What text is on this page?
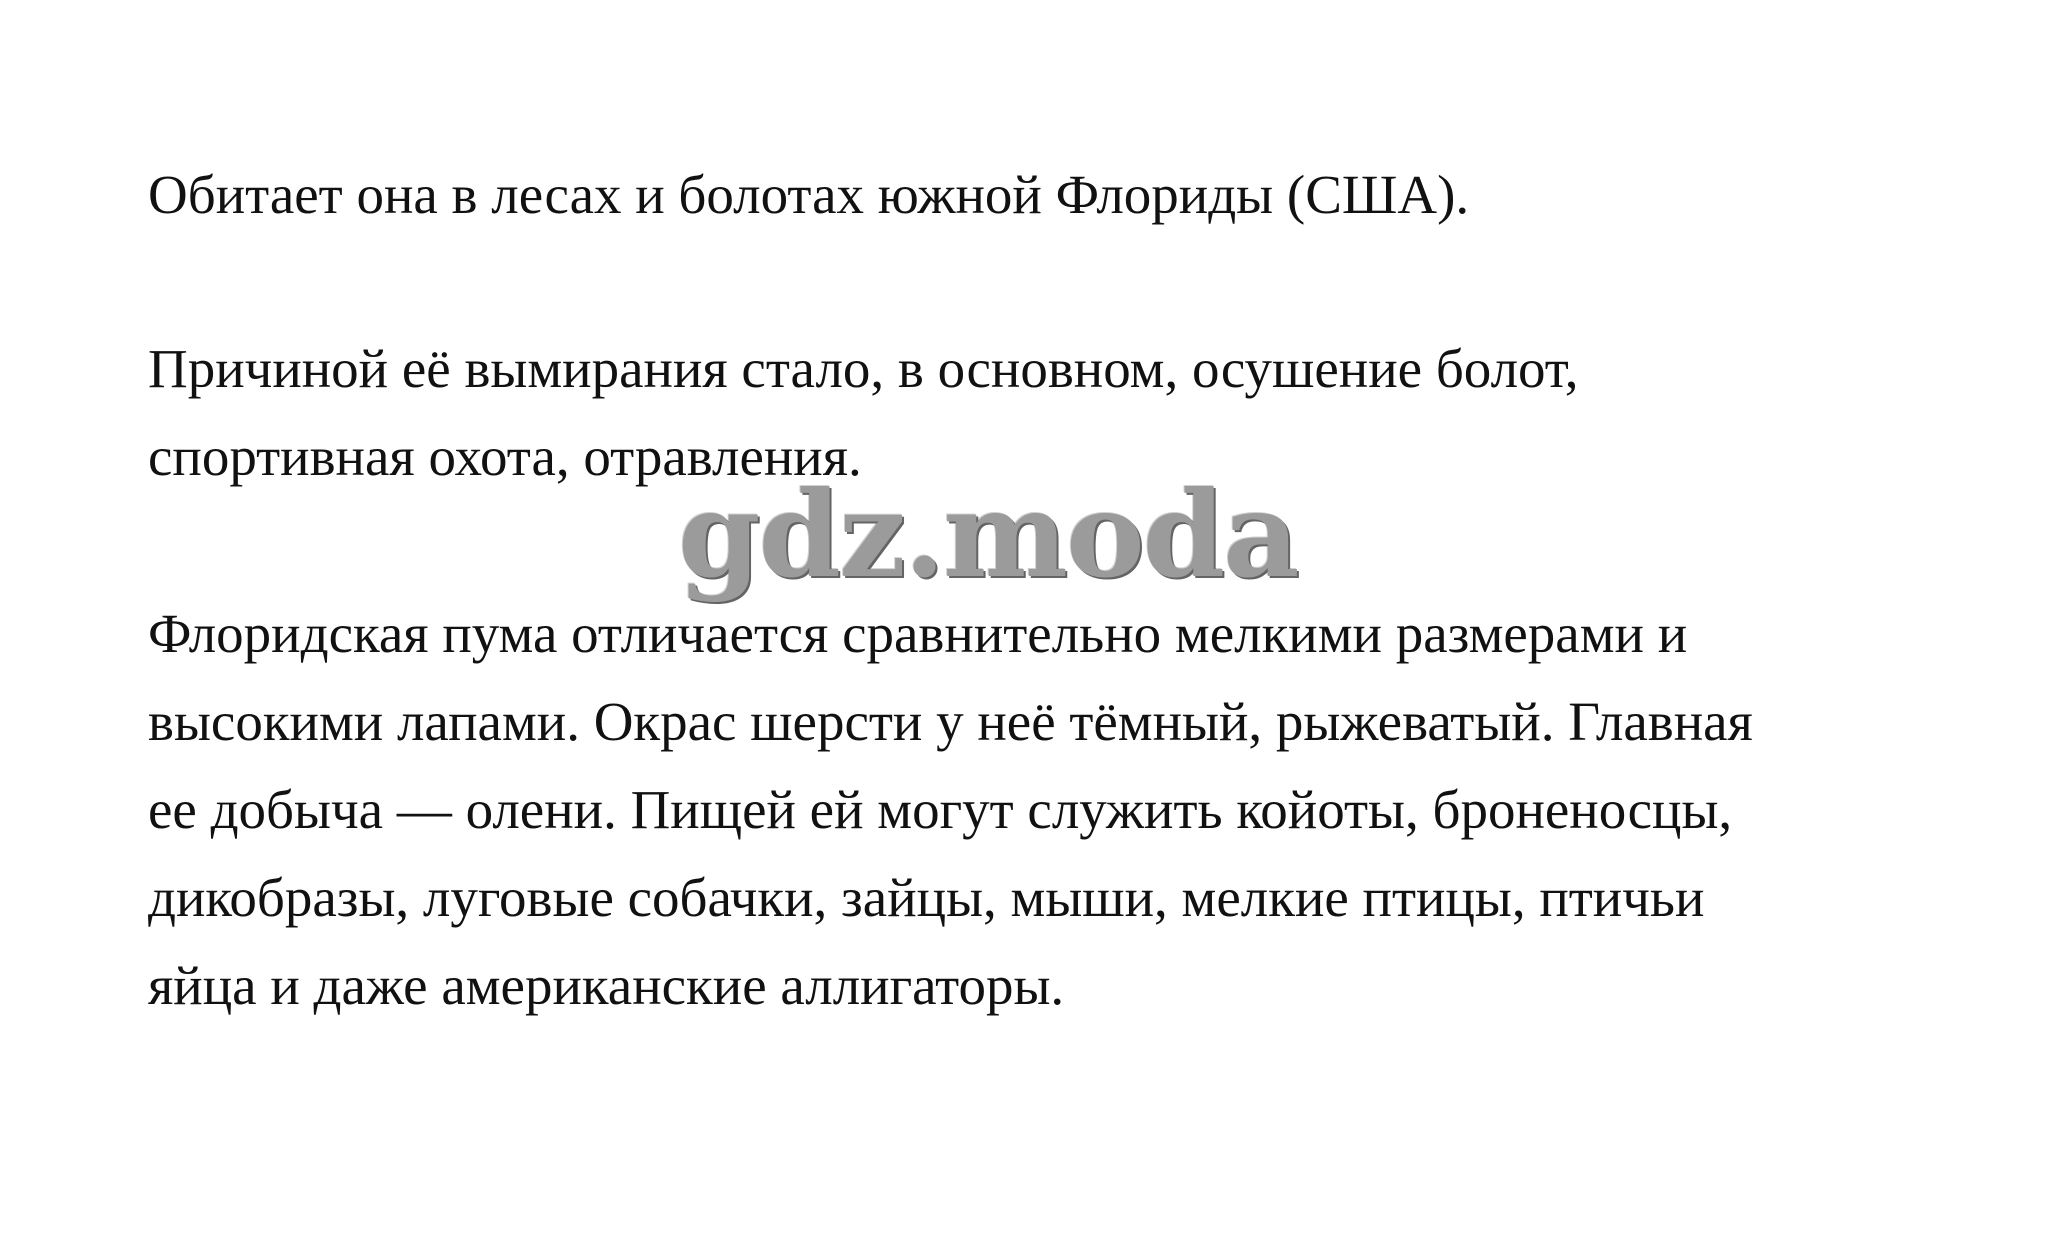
Обитает она в лесах и болотах южной Флориды (США).

Причиной её вымирания стало, в основном, осушение болот,
спортивная охота, отравления.

gdz.moda

Флоридская пума отличается сравнительно мелкими размерами и
высокими лапами. Окрас шерсти у неё тёмный, рыжеватый. Главная
ее добыча — олени. Пищей ей могут служить койоты, броненосцы,
дикобразы, луговые собачки, зайцы, мыши, мелкие птицы, птичьи
яйца и даже американские аллигаторы.
